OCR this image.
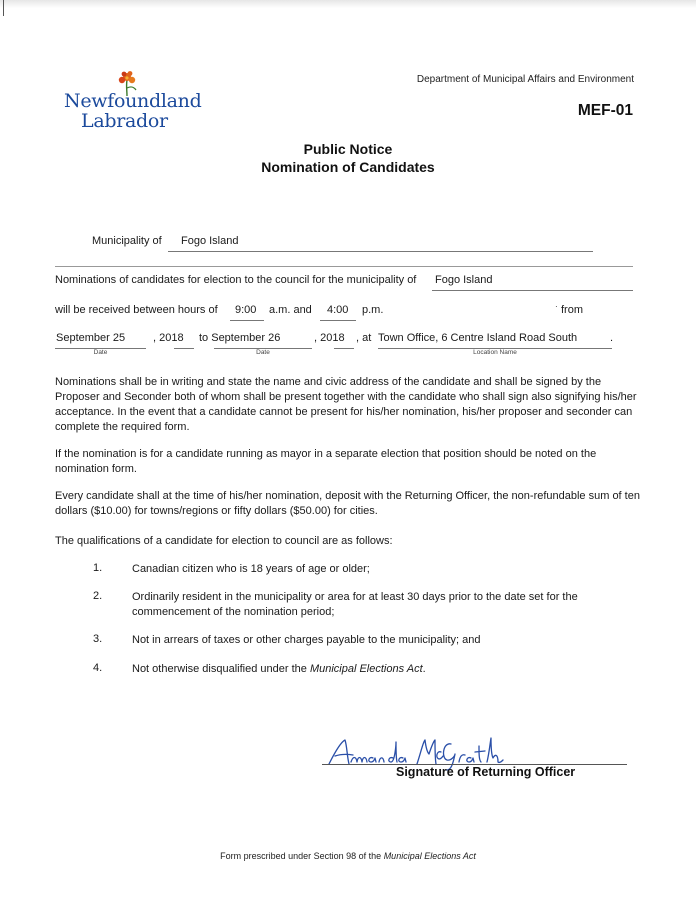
Newfoundland
Labrador
Department of Municipal Affairs and Environment
MEF-01
Public Notice
Nomination of Candidates
Municipality of Fogo Island
Nominations of candidates for election to the council for the municipality of Fogo Island
will be received between hours of 9:00 a.m. and 4:00 p.m.	· from
September 25
Date
, 2018 to September 26
Date
, 2018 , at Town Office, 6 Centre Island Road South
Location Name
.
Nominations shall be in writing and state the name and civic address of the candidate and shall be signed by the Proposer and Seconder both of whom shall be present together with the candidate who shall sign also signifying his/her acceptance. In the event that a candidate cannot be present for his/her nomination, his/her proposer and seconder can complete the required form.
If the nomination is for a candidate running as mayor in a separate election that position should be noted on the nomination form.
Every candidate shall at the time of his/her nomination, deposit with the Returning Officer, the non-refundable sum of ten dollars ($10.00) for towns/regions or fifty dollars ($50.00) for cities.
The qualifications of a candidate for election to council are as follows:
1.	Canadian citizen who is 18 years of age or older;
2.	Ordinarily resident in the municipality or area for at least 30 days prior to the date set for the commencement of the nomination period;
3.	Not in arrears of taxes or other charges payable to the municipality; and
4.	Not otherwise disqualified under the Municipal Elections Act.
Signature of Returning Officer
Form prescribed under Section 98 of the Municipal Elections Act
